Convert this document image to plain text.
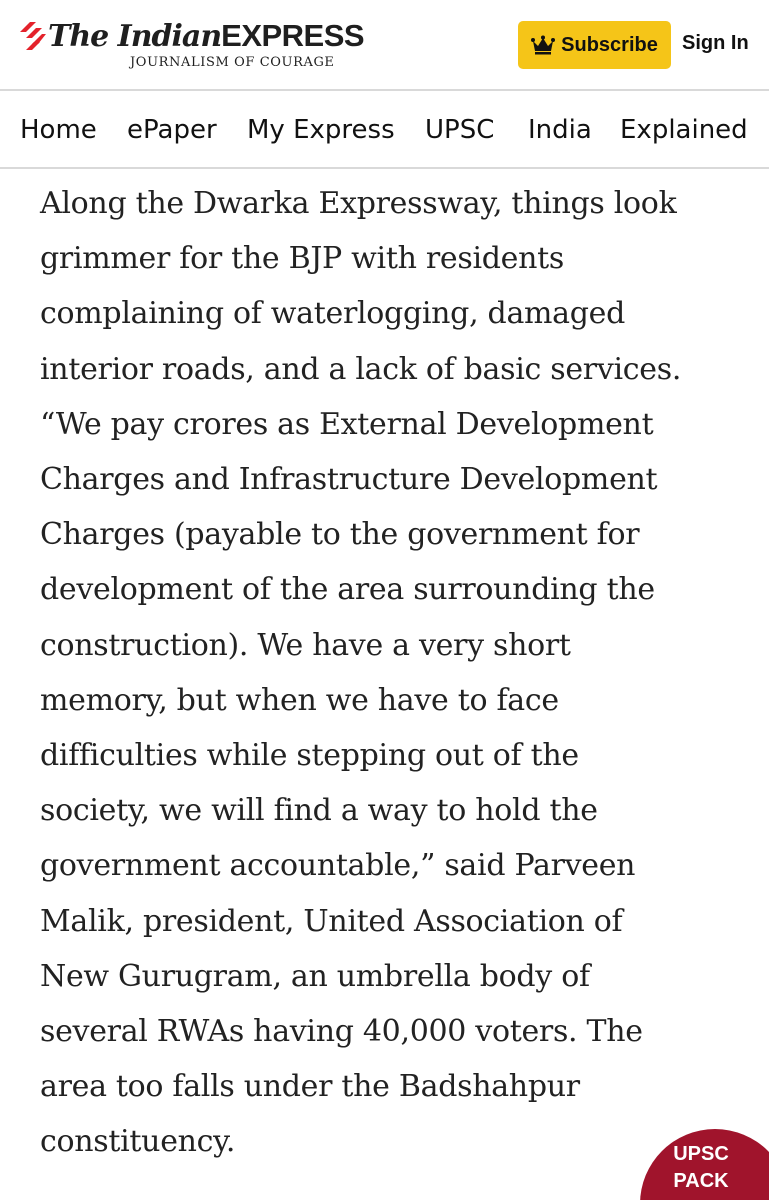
The IndianEXPRESS
JOURNALISM OF COURAGE
Subscribe Sign In
Home ePaper My Express UPSC India Explained

Along the Dwarka Expressway, things look
grimmer for the BJP with residents
complaining of waterlogging, damaged
interior roads, and a lack of basic services.
“We pay crores as External Development
Charges and Infrastructure Development
Charges (payable to the government for
development of the area surrounding the
construction). We have a very short
memory, but when we have to face
difficulties while stepping out of the
society, we will find a way to hold the
government accountable,” said Parveen
Malik, president, United Association of
New Gurugram, an umbrella body of
several RWAs having 40,000 voters. The
area too falls under the Badshahpur
constituency.	UPSC
PACK
